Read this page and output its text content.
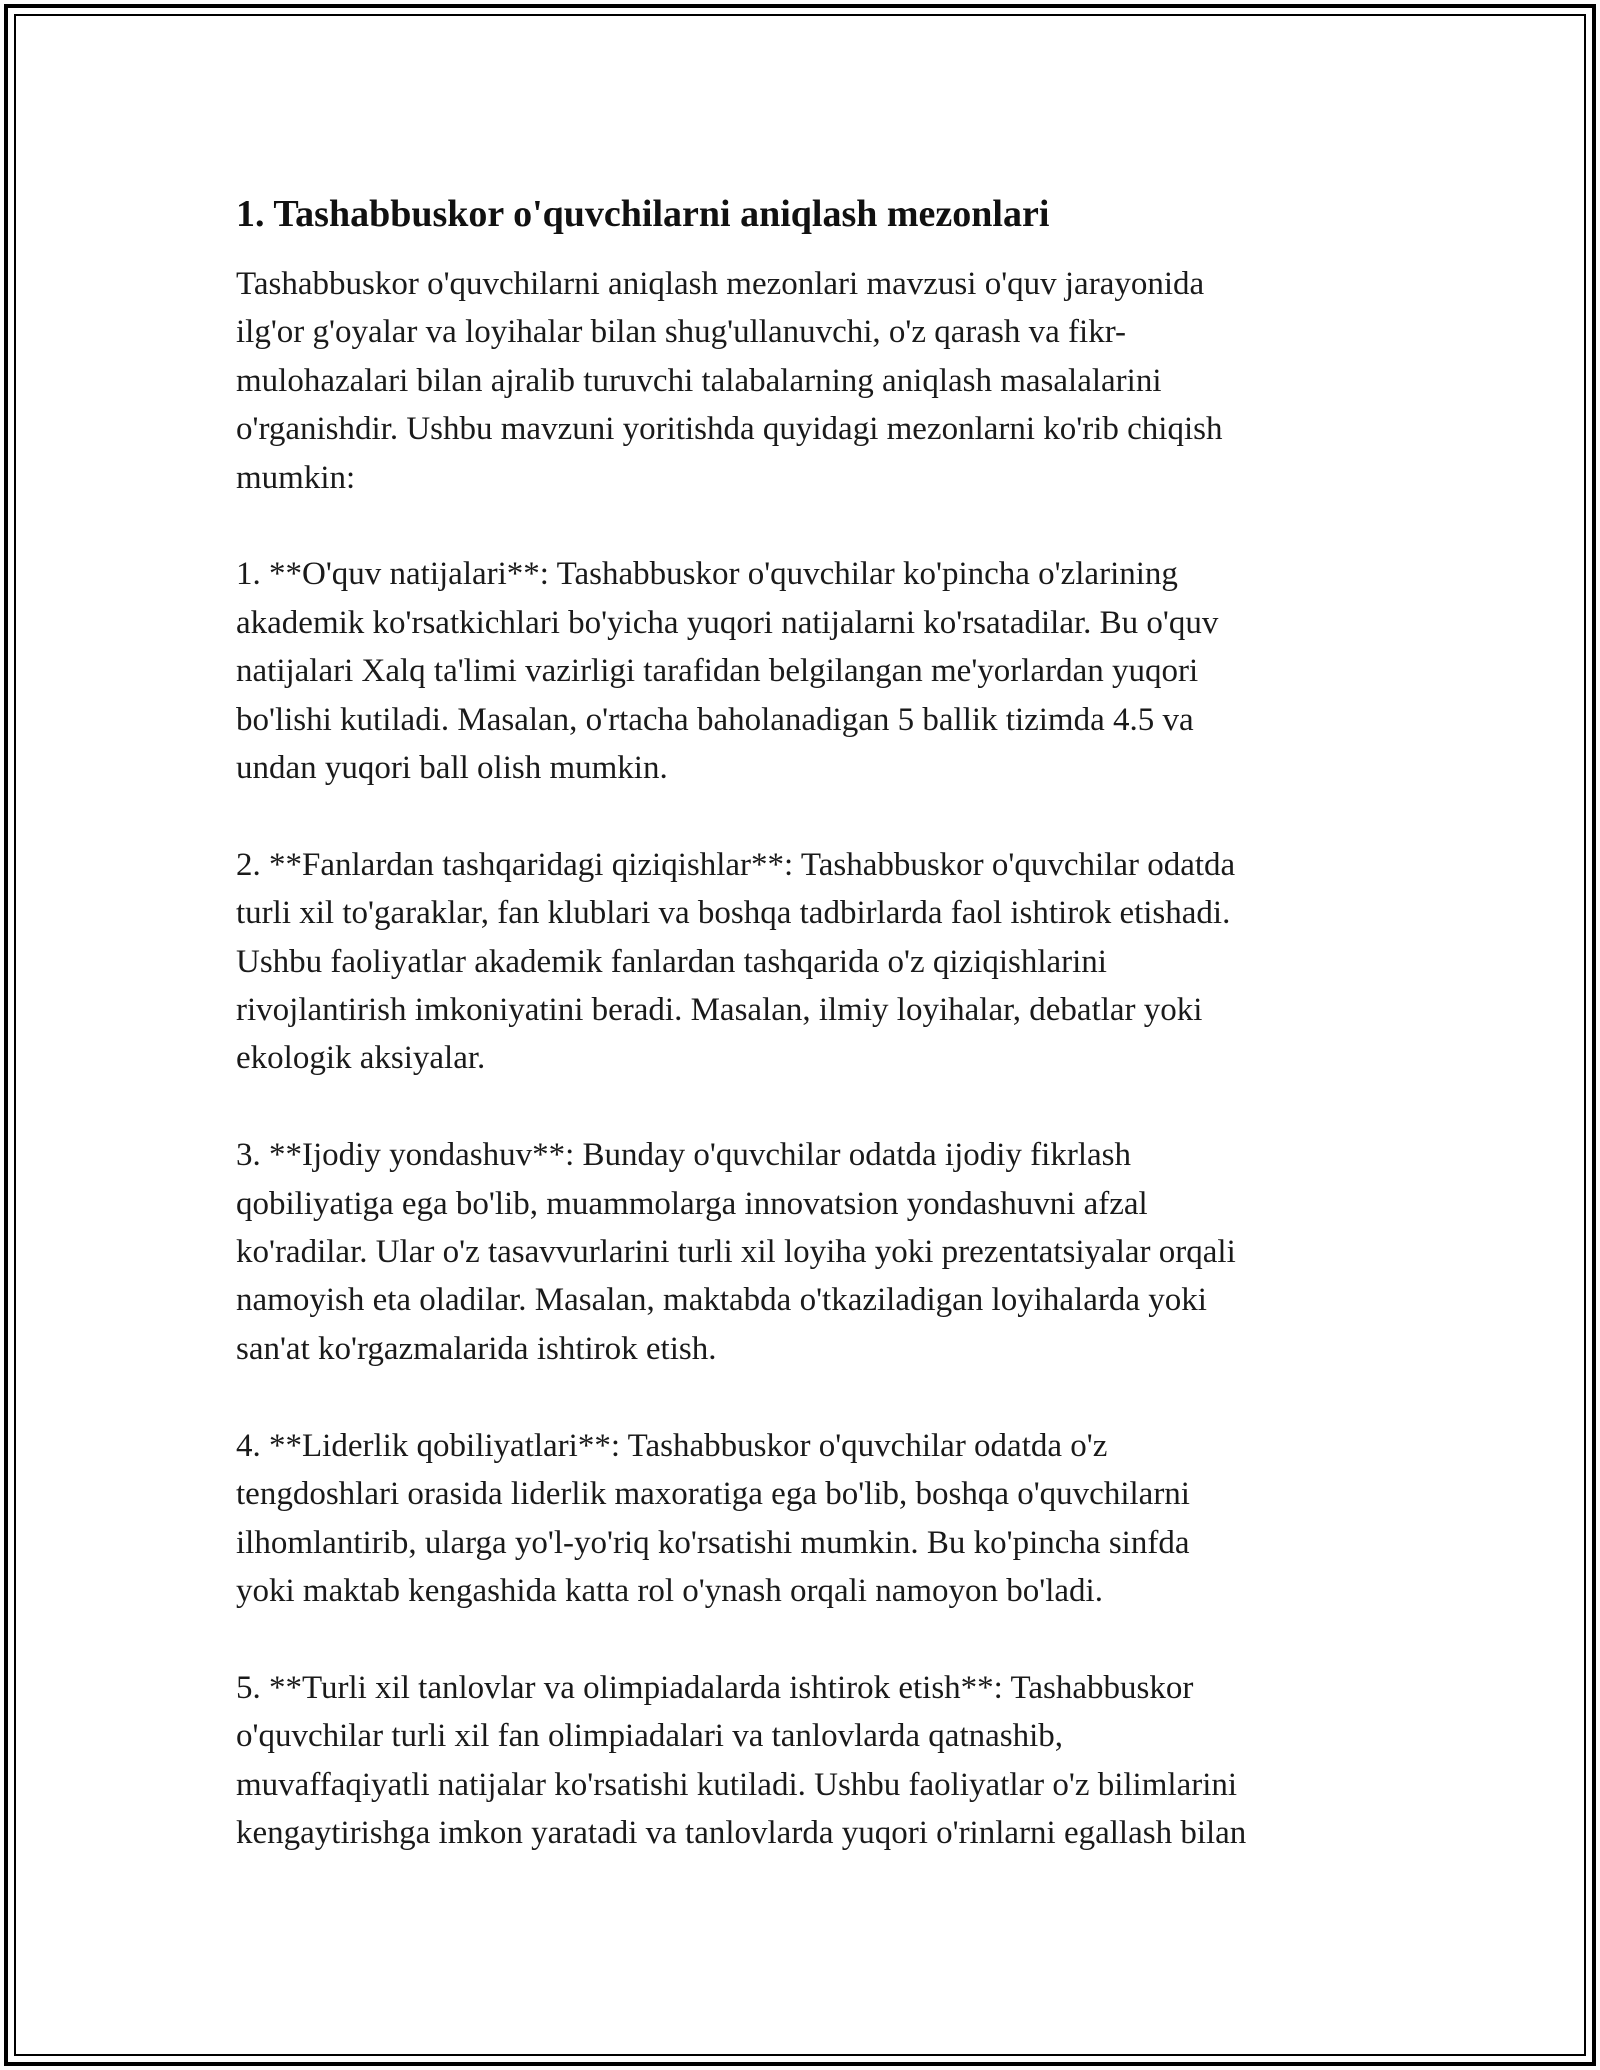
1. Tashabbuskor o'quvchilarni aniqlash mezonlari

Tashabbuskor o'quvchilarni aniqlash mezonlari mavzusi o'quv jarayonida
ilg'or g'oyalar va loyihalar bilan shug'ullanuvchi, o'z qarash va fikr-
mulohazalari bilan ajralib turuvchi talabalarning aniqlash masalalarini
o'rganishdir. Ushbu mavzuni yoritishda quyidagi mezonlarni ko'rib chiqish
mumkin:

1. **O'quv natijalari**: Tashabbuskor o'quvchilar ko'pincha o'zlarining
akademik ko'rsatkichlari bo'yicha yuqori natijalarni ko'rsatadilar. Bu o'quv
natijalari Xalq ta'limi vazirligi tarafidan belgilangan me'yorlardan yuqori
bo'lishi kutiladi. Masalan, o'rtacha baholanadigan 5 ballik tizimda 4.5 va
undan yuqori ball olish mumkin.

2. **Fanlardan tashqaridagi qiziqishlar**: Tashabbuskor o'quvchilar odatda
turli xil to'garaklar, fan klublari va boshqa tadbirlarda faol ishtirok etishadi.
Ushbu faoliyatlar akademik fanlardan tashqarida o'z qiziqishlarini
rivojlantirish imkoniyatini beradi. Masalan, ilmiy loyihalar, debatlar yoki
ekologik aksiyalar.

3. **Ijodiy yondashuv**: Bunday o'quvchilar odatda ijodiy fikrlash
qobiliyatiga ega bo'lib, muammolarga innovatsion yondashuvni afzal
ko'radilar. Ular o'z tasavvurlarini turli xil loyiha yoki prezentatsiyalar orqali
namoyish eta oladilar. Masalan, maktabda o'tkaziladigan loyihalarda yoki
san'at ko'rgazmalarida ishtirok etish.

4. **Liderlik qobiliyatlari**: Tashabbuskor o'quvchilar odatda o'z
tengdoshlari orasida liderlik maxoratiga ega bo'lib, boshqa o'quvchilarni
ilhomlantirib, ularga yo'l-yo'riq ko'rsatishi mumkin. Bu ko'pincha sinfda
yoki maktab kengashida katta rol o'ynash orqali namoyon bo'ladi.

5. **Turli xil tanlovlar va olimpiadalarda ishtirok etish**: Tashabbuskor
o'quvchilar turli xil fan olimpiadalari va tanlovlarda qatnashib,
muvaffaqiyatli natijalar ko'rsatishi kutiladi. Ushbu faoliyatlar o'z bilimlarini
kengaytirishga imkon yaratadi va tanlovlarda yuqori o'rinlarni egallash bilan
